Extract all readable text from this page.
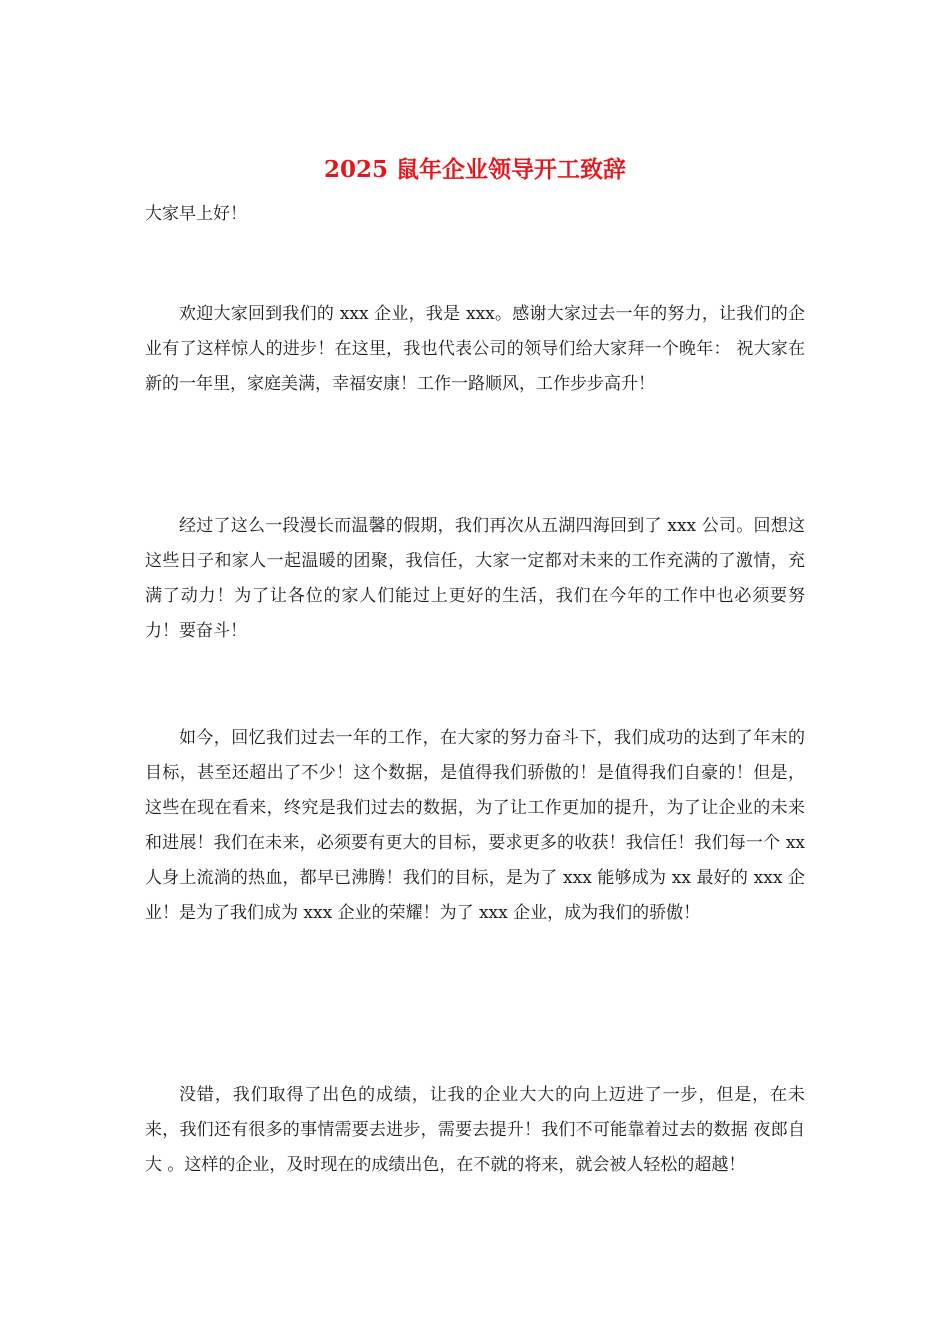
2025 鼠年企业领导开工致辞
大家早上好！

欢迎大家回到我们的 xxx 企业，我是 xxx。感谢大家过去一年的努力，让我们的企业有了这样惊人的进步！在这里，我也代表公司的领导们给大家拜一个晚年： 祝大家在新的一年里，家庭美满，幸福安康！工作一路顺风，工作步步高升！

经过了这么一段漫长而温馨的假期，我们再次从五湖四海回到了 xxx 公司。回想这这些日子和家人一起温暖的团聚，我信任，大家一定都对未来的工作充满的了激情，充满了动力！为了让各位的家人们能过上更好的生活，我们在今年的工作中也必须要努力！要奋斗！

如今，回忆我们过去一年的工作，在大家的努力奋斗下，我们成功的达到了年末的目标，甚至还超出了不少！这个数据，是值得我们骄傲的！是值得我们自豪的！但是，这些在现在看来，终究是我们过去的数据，为了让工作更加的提升，为了让企业的未来和进展！我们在未来，必须要有更大的目标，要求更多的收获！我信任！我们每一个 xx 人身上流淌的热血，都早已沸腾！我们的目标，是为了 xxx 能够成为 xx 最好的 xxx 企业！是为了我们成为 xxx 企业的荣耀！为了 xxx 企业，成为我们的骄傲！

没错，我们取得了出色的成绩，让我的企业大大的向上迈进了一步，但是，在未来，我们还有很多的事情需要去进步，需要去提升！我们不可能靠着过去的数据 夜郎自大 。这样的企业，及时现在的成绩出色，在不就的将来，就会被人轻松的超越！
